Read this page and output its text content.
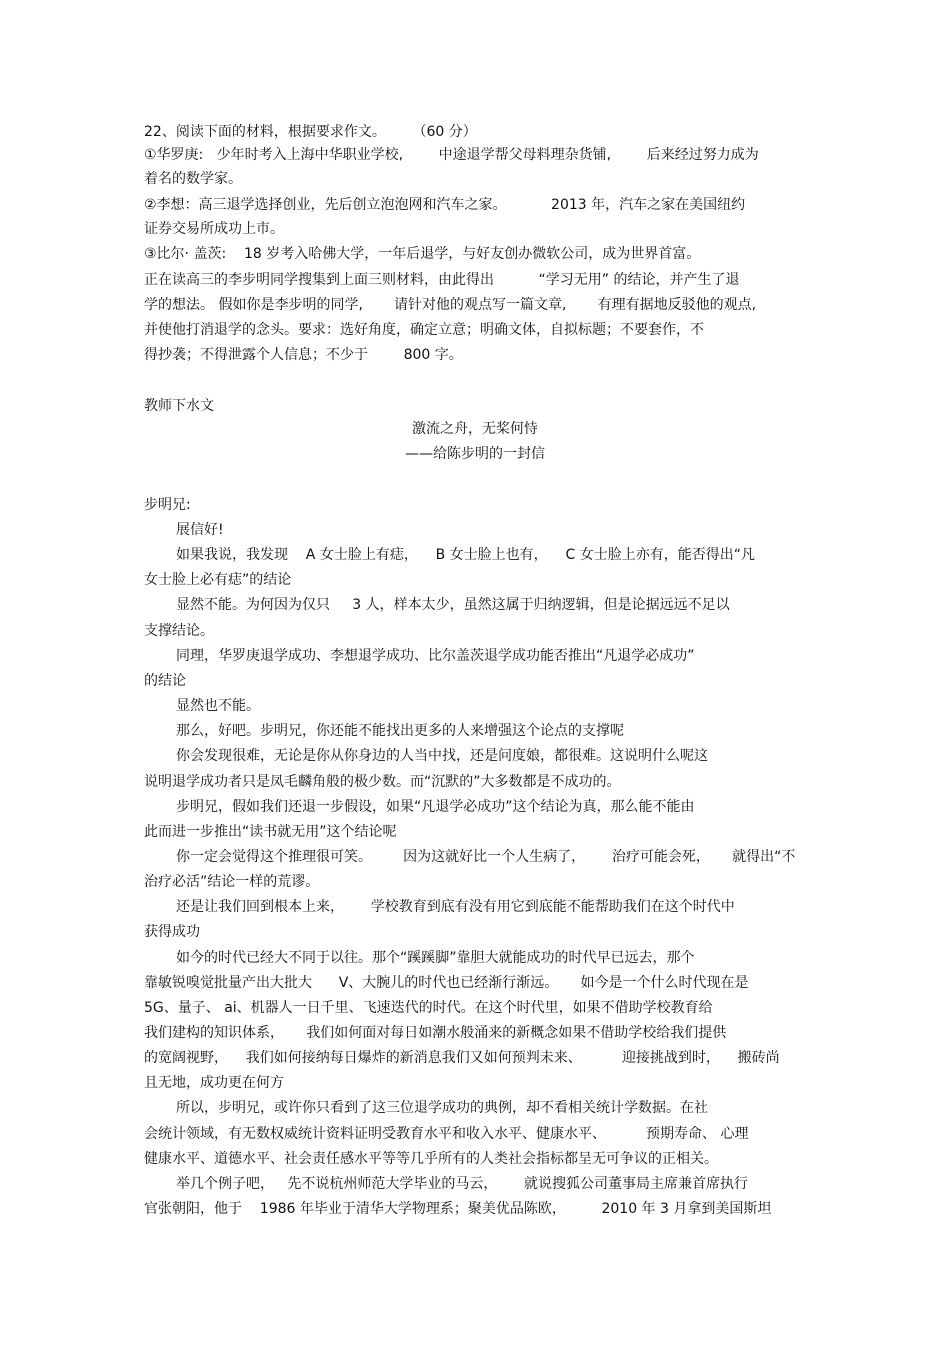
22、阅读下面的材料，根据要求作文。      （60 分）
①华罗庚:   少年时考入上海中华职业学校,        中途退学帮父母料理杂货铺,        后来经过努力成为
着名的数学家。
②李想：高三退学选择创业，先后创立泡泡网和汽车之家。          2013 年，汽车之家在美国纽约
证券交易所成功上市。
③比尔· 盖茨:    18 岁考入哈佛大学，一年后退学，与好友创办微软公司，成为世界首富。
正在读高三的李步明同学搜集到上面三则材料，由此得出          “学习无用” 的结论，并产生了退
学的想法。 假如你是李步明的同学,       请针对他的观点写一篇文章,       有理有据地反驳他的观点,
并使他打消退学的念头。要求：选好角度，确定立意；明确文体，自拟标题；不要套作，不
得抄袭；不得泄露个人信息；不少于        800 字。
教师下水文
激流之舟，无桨何恃
——给陈步明的一封信
步明兄:
展信好!
如果我说，我发现    A 女士脸上有痣，    B 女士脸上也有，    C 女士脸上亦有，能否得出“凡
女士脸上必有痣”的结论
显然不能。为何因为仅只     3 人，样本太少，虽然这属于归纳逻辑，但是论据远远不足以
支撑结论。
同理，华罗庚退学成功、李想退学成功、比尔盖茨退学成功能否推出“凡退学必成功”
的结论
显然也不能。
那么，好吧。步明兄，你还能不能找出更多的人来增强这个论点的支撑呢
你会发现很难，无论是你从你身边的人当中找，还是问度娘，都很难。这说明什么呢这
说明退学成功者只是凤毛麟角般的极少数。而“沉默的”大多数都是不成功的。
步明兄，假如我们还退一步假设，如果“凡退学必成功”这个结论为真，那么能不能由
此而进一步推出“读书就无用”这个结论呢
你一定会觉得这个推理很可笑。       因为这就好比一个人生病了，      治疗可能会死，     就得出“不
治疗必活”结论一样的荒谬。
还是让我们回到根本上来，      学校教育到底有没有用它到底能不能帮助我们在这个时代中
获得成功
如今的时代已经大不同于以往。那个“蹊蹊脚”靠胆大就能成功的时代早已远去，那个
靠敏锐嗅觉批量产出大批大      V、大腕儿的时代也已经渐行渐远。     如今是一个什么时代现在是
5G、量子、 ai、机器人一日千里、飞速迭代的时代。在这个时代里，如果不借助学校教育给
我们建构的知识体系，     我们如何面对每日如潮水般涌来的新概念如果不借助学校给我们提供
的宽阔视野，    我们如何接纳每日爆炸的新消息我们又如何预判未来、         迎接挑战到时，    搬砖尚
且无地，成功更在何方
所以，步明兄，或许你只看到了这三位退学成功的典例，却不看相关统计学数据。在社
会统计领域，有无数权威统计资料证明受教育水平和收入水平、健康水平、         预期寿命、 心理
健康水平、道德水平、社会责任感水平等等几乎所有的人类社会指标都呈无可争议的正相关。
举几个例子吧，   先不说杭州师范大学毕业的马云，      就说搜狐公司董事局主席兼首席执行
官张朝阳，他于    1986 年毕业于清华大学物理系；聚美优品陈欧，        2010 年 3 月拿到美国斯坦
